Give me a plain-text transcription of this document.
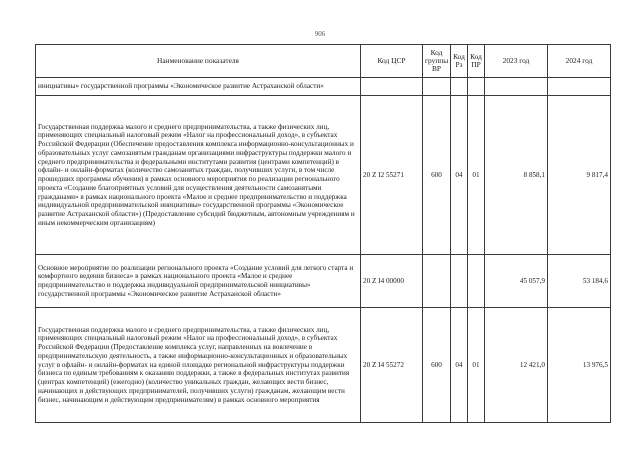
906
Наименование показателя	Код ЦСР	Код группы ВР	Код Рз	Код ПР	2023 год	2024 год
инициативы» государственной программы «Экономическое развитие Астраханской области»						
Государственная поддержка малого и среднего предпринимательства, а также физических лиц, применяющих специальный налоговый режим «Налог на профессиональный доход», в субъектах Российской Федерации (Обеспечение предоставления комплекса информационно-консультационных и образовательных услуг самозанятым гражданам организациями инфраструктуры поддержки малого и среднего предпринимательства и федеральными институтами развития (центрами компетенций) в офлайн- и онлайн-форматах (количество самозанятых граждан, получивших услуги, в том числе прошедших программы обучения) в рамках основного мероприятия по реализации регионального проекта «Создание благоприятных условий для осуществления деятельности самозанятыми гражданами» в рамках национального проекта «Малое и среднее предпринимательство и поддержка индивидуальной предпринимательской инициативы» государственной программы «Экономическое развитие Астраханской области») (Предоставление субсидий бюджетным, автономным учреждениям и иным некоммерческим организациям)	20 Z I2 55271	600	04	01	8 858,1	9 817,4
Основное мероприятие по реализации регионального проекта «Создание условий для легкого старта и комфортного ведения бизнеса» в рамках национального проекта «Малое и среднее предпринимательство и поддержка индивидуальной предпринимательской инициативы» государственной программы «Экономическое развитие Астраханской области»	20 Z I4 00000				45 057,9	53 184,6
Государственная поддержка малого и среднего предпринимательства, а также физических лиц, применяющих специальный налоговый режим «Налог на профессиональный доход», в субъектах Российской Федерации (Предоставление комплекса услуг, направленных на вовлечение в предпринимательскую деятельность, а также информационно-консультационных и образовательных услуг в офлайн- и онлайн-форматах на единой площадке региональной инфраструктуры поддержки бизнеса по единым требованиям к оказанию поддержки, а также в федеральных институтах развития (центрах компетенций) (ежегодно) (количество уникальных граждан, желающих вести бизнес, начинающих и действующих предпринимателей, получивших услуги) гражданам, желающим вести бизнес, начинающим и действующим предпринимателям) в рамках основного мероприятия	20 Z I4 55272	600	04	01	12 421,0	13 976,5
